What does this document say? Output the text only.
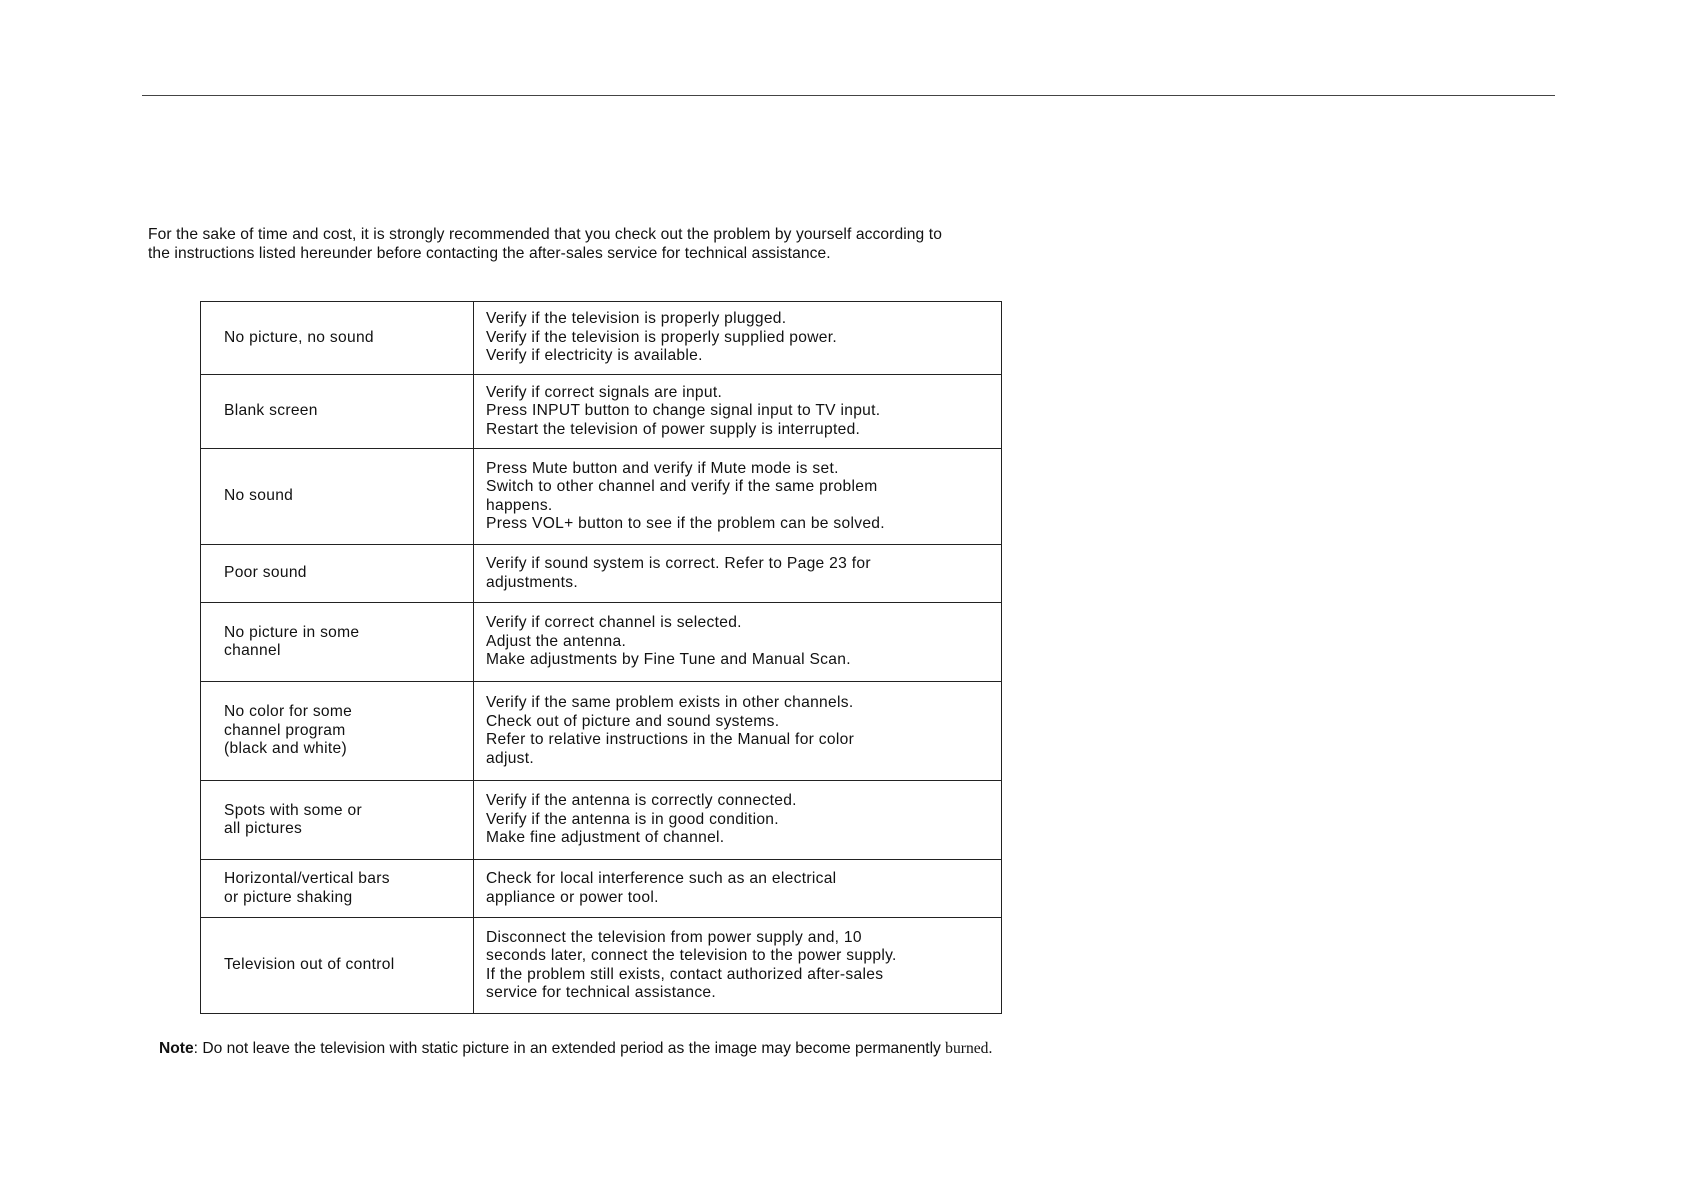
For the sake of time and cost, it is strongly recommended that you check out the problem by yourself according to

the instructions listed hereunder before contacting the after-sales service for technical assistance.

No picture, no sound	Verify if the television is properly plugged.
Verify if the television is properly supplied power.
Verify if electricity is available.

Blank screen	Verify if correct signals are input.
Press INPUT button to change signal input to TV input.
Restart the television of power supply is interrupted.

No sound	Press Mute button and verify if Mute mode is set.
Switch to other channel and verify if the same problem
happens.
Press VOL+ button to see if the problem can be solved.

Poor sound	Verify if sound system is correct. Refer to Page 23 for
adjustments.

No picture in some
channel	Verify if correct channel is selected.
Adjust the antenna.
Make adjustments by Fine Tune and Manual Scan.

No color for some
channel program
(black and white)	Verify if the same problem exists in other channels.
Check out of picture and sound systems.
Refer to relative instructions in the Manual for color
adjust.

Spots with some or
all pictures	Verify if the antenna is correctly connected.
Verify if the antenna is in good condition.
Make fine adjustment of channel.

Horizontal/vertical bars
or picture shaking	Check for local interference such as an electrical
appliance or power tool.

Television out of control	Disconnect the television from power supply and, 10
seconds later, connect the television to the power supply.
If the problem still exists, contact authorized after-sales
service for technical assistance.
Note: Do not leave the television with static picture in an extended period as the image may become permanently burned.
